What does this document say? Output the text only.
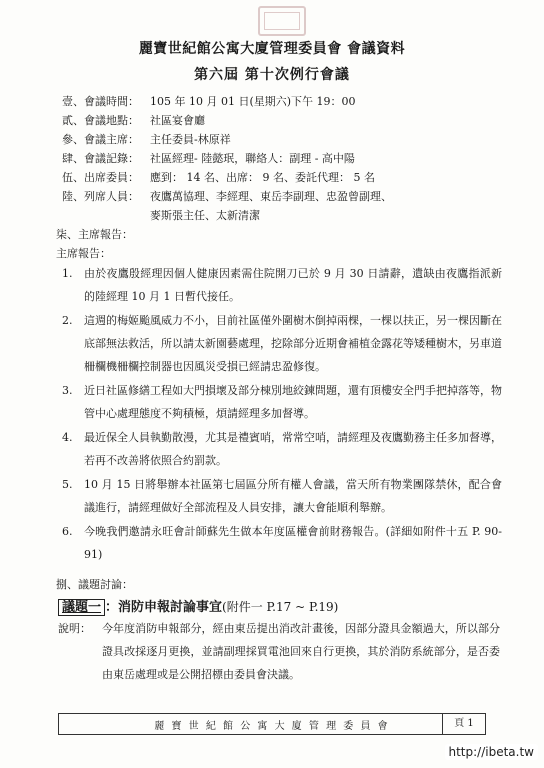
麗寶世紀館公寓大廈管理委員會 會議資料
第六屆 第十次例行會議
壹、會議時間： 105 年 10 月 01 日(星期六)下午 19：00
貳、會議地點： 社區宴會廳
參、會議主席： 主任委員-林原祥
肆、會議記錄： 社區經理- 陸懿珉，聯絡人：副理 - 高中陽
伍、出席委員： 應到： 14 名、出席： 9 名、委託代理： 5 名
陸、列席人員： 夜鷹萬協理、李經理、東岳李副理、忠盈曾副理、
麥斯張主任、太新清潔
柒、主席報告：
主席報告：
1.	由於夜鷹殷經理因個人健康因素需住院開刀已於 9 月 30 日請辭，遺缺由夜鷹指派新的陸經理 10 月 1 日暫代接任。
2.	這週的梅姬颱風威力不小，目前社區僅外圍樹木倒掉兩棵，一棵以扶正，另一棵因斷在底部無法救活，所以請太新園藝處理，挖除部分近期會補植金露花等矮種樹木，另車道柵欄機柵欄控制器也因風災受損已經請忠盈修復。
3.	近日社區修繕工程如大門損壞及部分棟別地絞鍊問題，還有頂樓安全門手把掉落等，物管中心處理態度不夠積極，煩請經理多加督導。
4.	最近保全人員執勤散漫，尤其是禮賓哨，常常空哨，請經理及夜鷹勤務主任多加督導，若再不改善將依照合約罰款。
5.	10 月 15 日將舉辦本社區第七屆區分所有權人會議，當天所有物業團隊禁休，配合會議進行，請經理做好全部流程及人員安排，讓大會能順利舉辦。
6.	今晚我們邀請永旺會計師蘇先生做本年度區權會前財務報告。(詳細如附件十五 P. 90-91)
捌、議題討論：
議題一 ：消防申報討論事宜(附件一 P.17 ~ P.19)
說明：	今年度消防申報部分，經由東岳提出消改計畫後，因部分證具金額過大，所以部分證具改採逐月更換，並請副理採買電池回來自行更換，其於消防系統部分，是否委由東岳處理或是公開招標由委員會決議。
麗 寶 世 紀 館 公 寓 大 廈 管 理 委 員 會	頁 1
http://ibeta.tw
